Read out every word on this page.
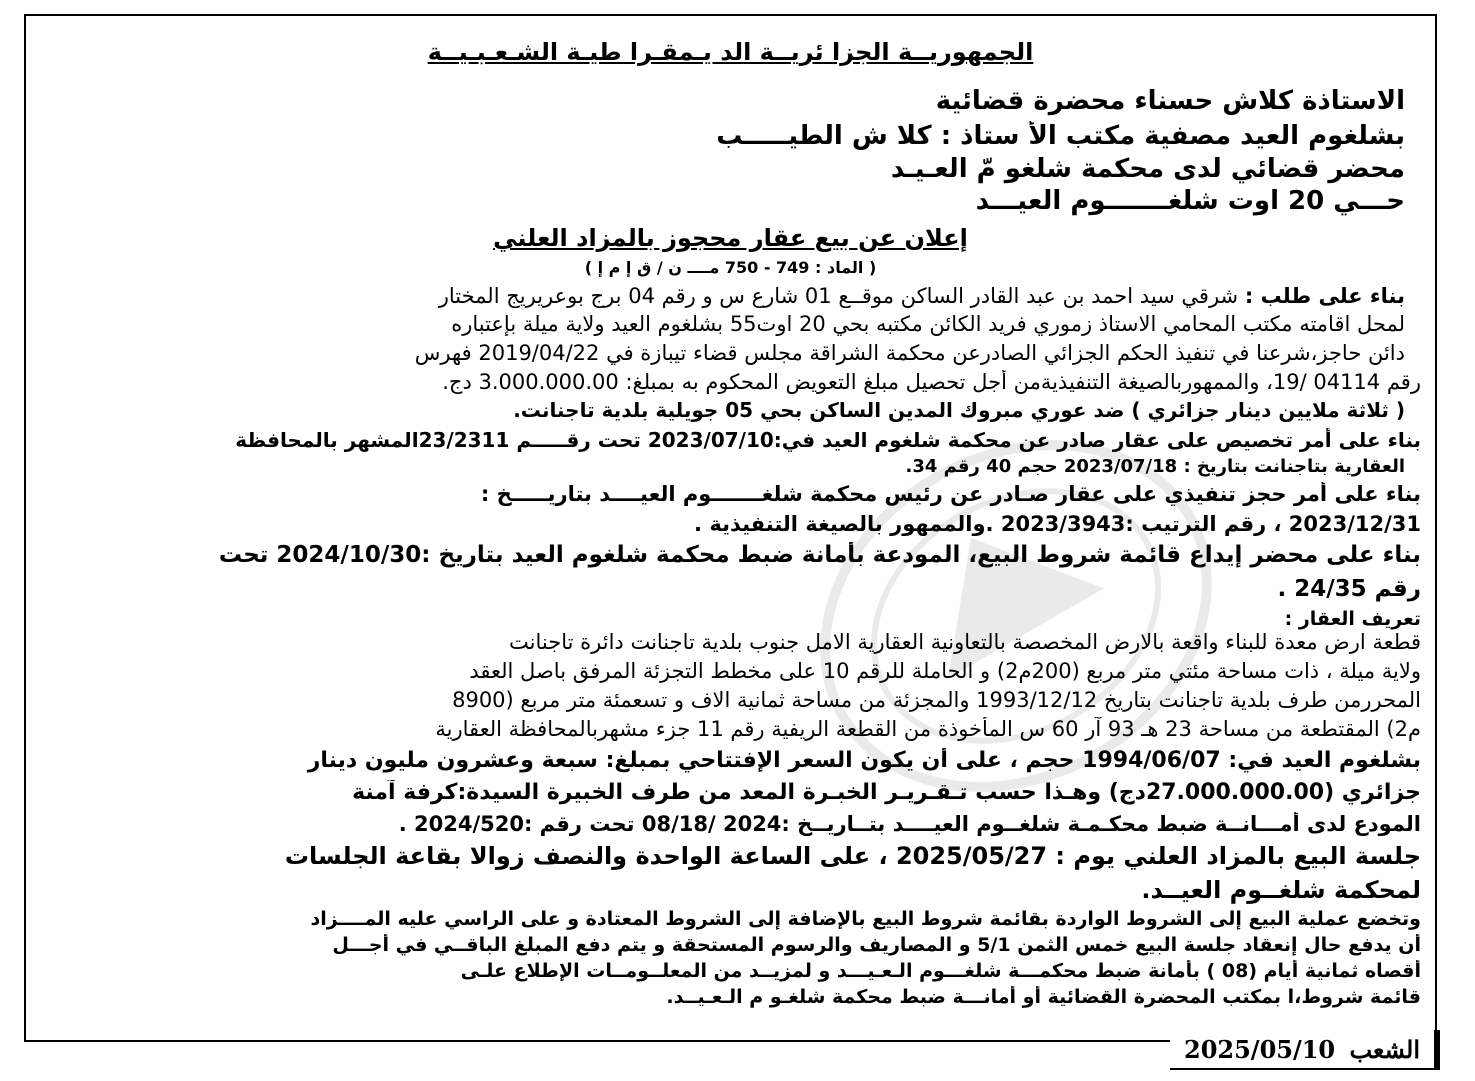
الجمهوريــة الجزا ئريــة الد يـمقـرا طيـة الشـعـبـيــة
الاستاذة كلاش حسناء محضرة قضائية
بشلغوم العيد مصفية مكتب الأ ستاذ : كلا ش الطيـــــب
محضر قضائي لدى محكمة شلغو مّ العـيـد
حـــي 20 اوت شلغـــــــوم العيـــد
إعلان عن بيع عقار محجوز بالمزاد العلني
( الماد : 749 - 750 مــــ ن / ق إ م إ )
بناء على طلب : شرقي سيد احمد بن عبد القادر الساكن موقــع 01 شارع س و رقم 04 برج بوعريريج المختار
لمحل اقامته مكتب المحامي الاستاذ زموري فريد الكائن مكتبه بحي 20 اوت55 بشلغوم العيد ولاية ميلة بإعتباره
دائن حاجز،شرعنا في تنفيذ الحكم الجزائي الصادرعن محكمة الشراقة مجلس قضاء تيبازة في 2019/04/22 فهرس
رقم 04114 /19، والممهوربالصيغة التنفيذيةمن أجل تحصيل مبلغ التعويض المحكوم به بمبلغ: 3.000.000.00 دج.
( ثلاثة ملايين دينار جزائري ) ضد عوري مبروك المدين الساكن بحي 05 جويلية بلدية تاجنانت.
بناء على أمر تخصيص على عقار صادر عن محكمة شلغوم العيد في:2023/07/10 تحت رقـــــم 23/2311المشهر بالمحافظة
العقارية بتاجنانت بتاريخ : 2023/07/18 حجم 40 رقم 34.
بناء على أمر حجز تنفيذي على عقار صـادر عن رئيس محكمة شلغـــــــوم العيــــد بتاريـــــخ :
2023/12/31 ، رقم الترتيب :2023/3943 .والممهور بالصيغة التنفيذية .
بناء على محضر إيداع قائمة شروط البيع، المودعة بأمانة ضبط محكمة شلغوم العيد بتاريخ :2024/10/30 تحت
رقم 24/35 .
تعريف العقار :
قطعة ارض معدة للبناء واقعة بالارض المخصصة بالتعاونية العقارية الامل جنوب بلدية تاجنانت دائرة تاجنانت
ولاية ميلة ، ذات مساحة مئتي متر مربع (200م2) و الحاملة للرقم 10 على مخطط التجزئة المرفق باصل العقد
المحررمن طرف بلدية تاجنانت بتاريخ 1993/12/12 والمجزئة من مساحة ثمانية الاف و تسعمئة متر مربع (8900
م2) المقتطعة من مساحة 23 هـ 93 آر 60 س المأخوذة من القطعة الريفية رقم 11 جزء مشهربالمحافظة العقارية
بشلغوم العيد في: 1994/06/07 حجم ، على أن يكون السعر الإفتتاحي بمبلغ: سبعة وعشرون مليون دينار
جزائري (27.000.000.00دج) وهـذا حسب تـقـريـر الخبـرة المعد من طرف الخبيرة السيدة:كرفة آمنة
المودع لدى أمـــانــة ضبط محكـمـة شلغــوم العيــــد بتــاريــخ :2024 /08/18 تحت رقم :2024/520 .
جلسة البيع بالمزاد العلني يوم : 2025/05/27 ، على الساعة الواحدة والنصف زوالا بقاعة الجلسات
لمحكمة شلغــوم العيــد.
وتخضع عملية البيع إلى الشروط الواردة بقائمة شروط البيع بالإضافة إلى الشروط المعتادة و على الراسي عليه المــــزاد
أن يدفع حال إنعقاد جلسة البيع خمس الثمن 5/1 و المصاريف والرسوم المستحقة و يتم دفع المبلغ الباقــي في أجـــل
أقصاه ثمانية أيام (08 ) بأمانة ضبط محكمـــة شلغـــوم الـعـيـــد و لمزيــد من المعلــومــات الإطلاع علـى
قائمة شروط،ا بمكتب المحضرة القضائية أو أمانـــة ضبط محكمة شلغـو م الـعـيــد.
الشعب
2025/05/10
